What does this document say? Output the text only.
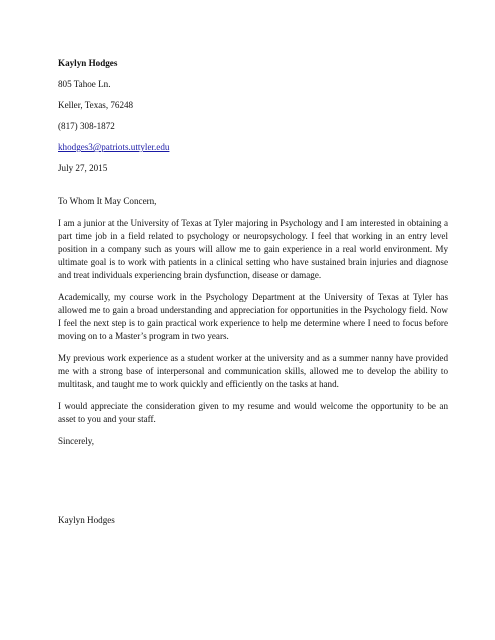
Kaylyn Hodges
805 Tahoe Ln.
Keller, Texas, 76248
(817) 308-1872
khodges3@patriots.uttyler.edu
July 27, 2015
To Whom It May Concern,

I am a junior at the University of Texas at Tyler majoring in Psychology and I am interested in obtaining a part time job in a field related to psychology or neuropsychology. I feel that working in an entry level position in a company such as yours will allow me to gain experience in a real world environment. My ultimate goal is to work with patients in a clinical setting who have sustained brain injuries and diagnose and treat individuals experiencing brain dysfunction, disease or damage.

Academically, my course work in the Psychology Department at the University of Texas at Tyler has allowed me to gain a broad understanding and appreciation for opportunities in the Psychology field. Now I feel the next step is to gain practical work experience to help me determine where I need to focus before moving on to a Master’s program in two years.

My previous work experience as a student worker at the university and as a summer nanny have provided me with a strong base of interpersonal and communication skills, allowed me to develop the ability to multitask, and taught me to work quickly and efficiently on the tasks at hand.

I would appreciate the consideration given to my resume and would welcome the opportunity to be an asset to you and your staff.

Sincerely,
Kaylyn Hodges
